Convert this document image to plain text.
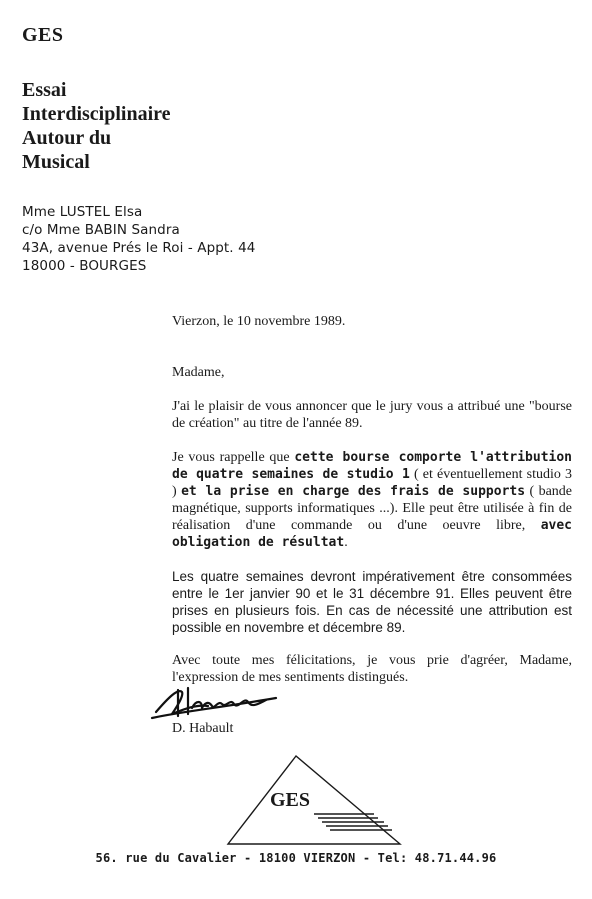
GES
Essai
Interdisciplinaire
Autour du
Musical
Mme LUSTEL Elsa
c/o Mme BABIN Sandra
43A, avenue Prés le Roi - Appt. 44
18000 - BOURGES
Vierzon, le 10 novembre 1989.
Madame,
J'ai le plaisir de vous annoncer que le jury vous a attribué une "bourse de création" au titre de l'année 89.
Je vous rappelle que cette bourse comporte l'attribution de quatre semaines de studio 1 ( et éventuellement studio 3 ) et la prise en charge des frais de supports ( bande magnétique, supports informatiques ...). Elle peut être utilisée à fin de réalisation d'une commande ou d'une oeuvre libre, avec obligation de résultat.
Les quatre semaines devront impérativement être consommées entre le 1er janvier 90 et le 31 décembre 91. Elles peuvent être prises en plusieurs fois. En cas de nécessité une attribution est possible en novembre et décembre 89.
Avec toute mes félicitations, je vous prie d'agréer, Madame, l'expression de mes sentiments distingués.
D. Habault
GES
56. rue du Cavalier - 18100 VIERZON - Tel: 48.71.44.96
